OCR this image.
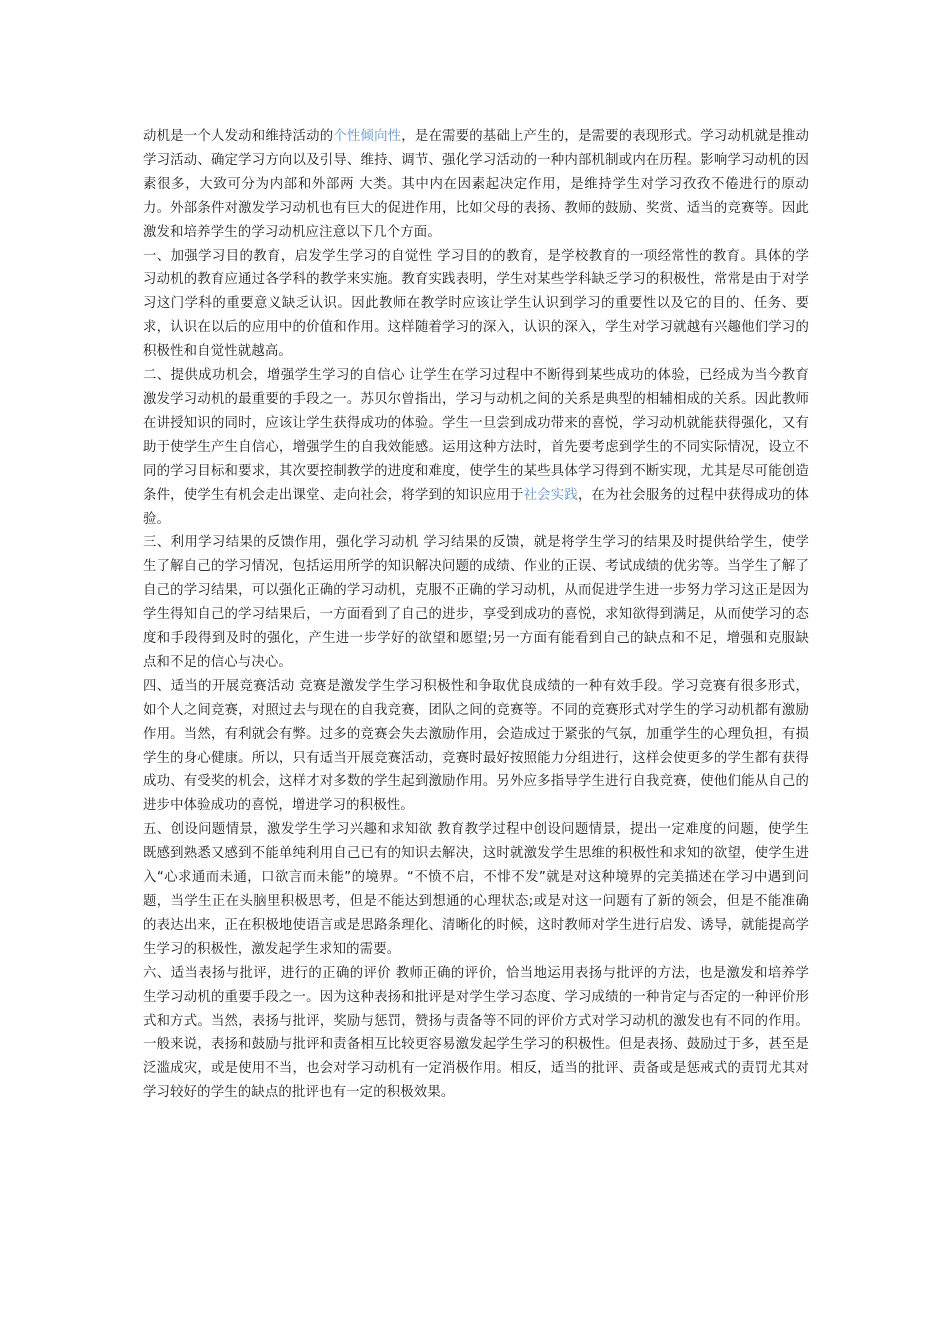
动机是一个人发动和维持活动的个性倾向性，是在需要的基础上产生的，是需要的表现形式。学习动机就是推动学习活动、确定学习方向以及引导、维持、调节、强化学习活动的一种内部机制或内在历程。影响学习动机的因素很多，大致可分为内部和外部两 大类。其中内在因素起决定作用，是维持学生对学习孜孜不倦进行的原动力。外部条件对激发学习动机也有巨大的促进作用，比如父母的表扬、教师的鼓励、奖赏、适当的竞赛等。因此激发和培养学生的学习动机应注意以下几个方面。

一、加强学习目的教育，启发学生学习的自觉性 学习目的的教育，是学校教育的一项经常性的教育。具体的学习动机的教育应通过各学科的教学来实施。教育实践表明，学生对某些学科缺乏学习的积极性，常常是由于对学习这门学科的重要意义缺乏认识。因此教师在教学时应该让学生认识到学习的重要性以及它的目的、任务、要求，认识在以后的应用中的价值和作用。这样随着学习的深入，认识的深入，学生对学习就越有兴趣他们学习的积极性和自觉性就越高。

二、提供成功机会，增强学生学习的自信心 让学生在学习过程中不断得到某些成功的体验，已经成为当今教育激发学习动机的最重要的手段之一。苏贝尔曾指出，学习与动机之间的关系是典型的相辅相成的关系。因此教师在讲授知识的同时，应该让学生获得成功的体验。学生一旦尝到成功带来的喜悦，学习动机就能获得强化，又有助于使学生产生自信心，增强学生的自我效能感。运用这种方法时，首先要考虑到学生的不同实际情况，设立不同的学习目标和要求，其次要控制教学的进度和难度，使学生的某些具体学习得到不断实现，尤其是尽可能创造条件，使学生有机会走出课堂、走向社会，将学到的知识应用于社会实践，在为社会服务的过程中获得成功的体验。

三、利用学习结果的反馈作用，强化学习动机 学习结果的反馈，就是将学生学习的结果及时提供给学生，使学生了解自己的学习情况，包括运用所学的知识解决问题的成绩、作业的正误、考试成绩的优劣等。当学生了解了自己的学习结果，可以强化正确的学习动机，克服不正确的学习动机，从而促进学生进一步努力学习这正是因为学生得知自己的学习结果后，一方面看到了自己的进步，享受到成功的喜悦，求知欲得到满足，从而使学习的态度和手段得到及时的强化，产生进一步学好的欲望和愿望;另一方面有能看到自己的缺点和不足，增强和克服缺点和不足的信心与决心。

四、适当的开展竞赛活动 竞赛是激发学生学习积极性和争取优良成绩的一种有效手段。学习竞赛有很多形式，如个人之间竞赛，对照过去与现在的自我竞赛，团队之间的竞赛等。不同的竞赛形式对学生的学习动机都有激励作用。当然，有利就会有弊。过多的竞赛会失去激励作用，会造成过于紧张的气氛，加重学生的心理负担，有损学生的身心健康。所以，只有适当开展竞赛活动，竞赛时最好按照能力分组进行，这样会使更多的学生都有获得成功、有受奖的机会，这样才对多数的学生起到激励作用。另外应多指导学生进行自我竞赛，使他们能从自己的进步中体验成功的喜悦，增进学习的积极性。

五、创设问题情景，激发学生学习兴趣和求知欲 教育教学过程中创设问题情景，提出一定难度的问题，使学生既感到熟悉又感到不能单纯利用自己已有的知识去解决，这时就激发学生思维的积极性和求知的欲望，使学生进入“心求通而未通，口欲言而未能”的境界。“不愤不启，不悱不发”就是对这种境界的完美描述在学习中遇到问题，当学生正在头脑里积极思考，但是不能达到想通的心理状态;或是对这一问题有了新的领会，但是不能准确的表达出来，正在积极地使语言或是思路条理化、清晰化的时候，这时教师对学生进行启发、诱导，就能提高学生学习的积极性，激发起学生求知的需要。

六、适当表扬与批评，进行的正确的评价 教师正确的评价，恰当地运用表扬与批评的方法，也是激发和培养学生学习动机的重要手段之一。因为这种表扬和批评是对学生学习态度、学习成绩的一种肯定与否定的一种评价形式和方式。当然，表扬与批评，奖励与惩罚，赞扬与责备等不同的评价方式对学习动机的激发也有不同的作用。一般来说，表扬和鼓励与批评和责备相互比较更容易激发起学生学习的积极性。但是表扬、鼓励过于多，甚至是泛滥成灾，或是使用不当，也会对学习动机有一定消极作用。相反，适当的批评、责备或是惩戒式的责罚尤其对学习较好的学生的缺点的批评也有一定的积极效果。
